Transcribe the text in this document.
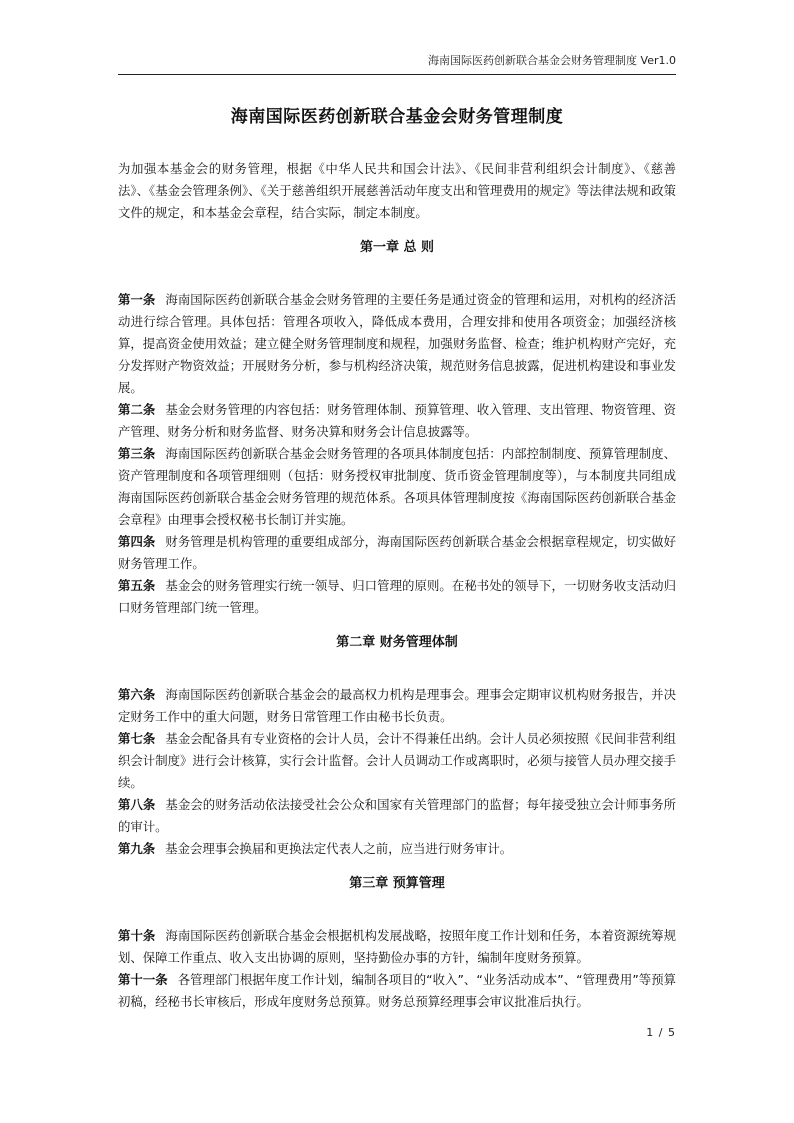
海南国际医药创新联合基金会财务管理制度 Ver1.0
海南国际医药创新联合基金会财务管理制度

为加强本基金会的财务管理，根据《中华人民共和国会计法》、《民间非营利组织会计制度》、《慈善法》、《基金会管理条例》、《关于慈善组织开展慈善活动年度支出和管理费用的规定》等法律法规和政策文件的规定，和本基金会章程，结合实际，制定本制度。

第一章 总 则

第一条 海南国际医药创新联合基金会财务管理的主要任务是通过资金的管理和运用，对机构的经济活动进行综合管理。具体包括：管理各项收入，降低成本费用，合理安排和使用各项资金；加强经济核算，提高资金使用效益；建立健全财务管理制度和规程，加强财务监督、检查；维护机构财产完好，充分发挥财产物资效益；开展财务分析，参与机构经济决策，规范财务信息披露，促进机构建设和事业发展。

第二条 基金会财务管理的内容包括：财务管理体制、预算管理、收入管理、支出管理、物资管理、资产管理、财务分析和财务监督、财务决算和财务会计信息披露等。

第三条 海南国际医药创新联合基金会财务管理的各项具体制度包括：内部控制制度、预算管理制度、资产管理制度和各项管理细则（包括：财务授权审批制度、货币资金管理制度等），与本制度共同组成海南国际医药创新联合基金会财务管理的规范体系。各项具体管理制度按《海南国际医药创新联合基金会章程》由理事会授权秘书长制订并实施。

第四条 财务管理是机构管理的重要组成部分，海南国际医药创新联合基金会根据章程规定，切实做好财务管理工作。

第五条 基金会的财务管理实行统一领导、归口管理的原则。在秘书处的领导下，一切财务收支活动归口财务管理部门统一管理。

第二章 财务管理体制

第六条 海南国际医药创新联合基金会的最高权力机构是理事会。理事会定期审议机构财务报告，并决定财务工作中的重大问题，财务日常管理工作由秘书长负责。

第七条 基金会配备具有专业资格的会计人员，会计不得兼任出纳。会计人员必须按照《民间非营利组织会计制度》进行会计核算，实行会计监督。会计人员调动工作或离职时，必须与接管人员办理交接手续。

第八条 基金会的财务活动依法接受社会公众和国家有关管理部门的监督；每年接受独立会计师事务所的审计。

第九条 基金会理事会换届和更换法定代表人之前，应当进行财务审计。

第三章 预算管理

第十条 海南国际医药创新联合基金会根据机构发展战略，按照年度工作计划和任务，本着资源统筹规划、保障工作重点、收入支出协调的原则，坚持勤俭办事的方针，编制年度财务预算。

第十一条 各管理部门根据年度工作计划，编制各项目的“收入”、“业务活动成本”、“管理费用”等预算初稿，经秘书长审核后，形成年度财务总预算。财务总预算经理事会审议批准后执行。

1 / 5
